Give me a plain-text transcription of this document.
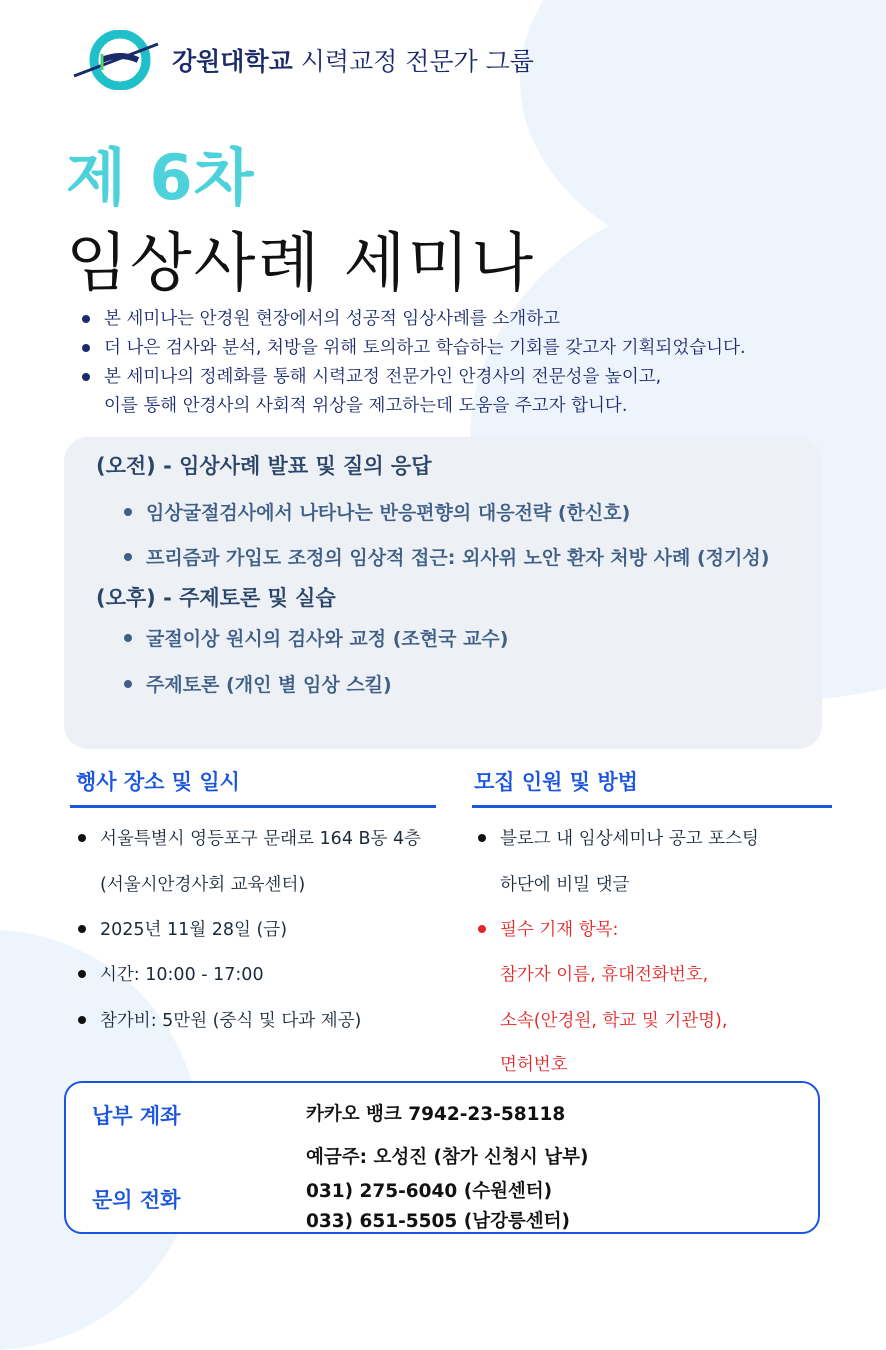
강원대학교 시력교정 전문가 그룹
제 6차
임상사례 세미나
본 세미나는 안경원 현장에서의 성공적 임상사례를 소개하고
더 나은 검사와 분석, 처방을 위해 토의하고 학습하는 기회를 갖고자 기획되었습니다.
본 세미나의 정례화를 통해 시력교정 전문가인 안경사의 전문성을 높이고,
이를 통해 안경사의 사회적 위상을 제고하는데 도움을 주고자 합니다.
(오전) - 임상사례 발표 및 질의 응답
임상굴절검사에서 나타나는 반응편향의 대응전략 (한신호)
프리즘과 가입도 조정의 임상적 접근: 외사위 노안 환자 처방 사례 (정기성)
(오후) - 주제토론 및 실습
굴절이상 원시의 검사와 교정 (조현국 교수)
주제토론 (개인 별 임상 스킬)
행사 장소 및 일시
서울특별시 영등포구 문래로 164 B동 4층
(서울시안경사회 교육센터)
2025년 11월 28일 (금)
시간: 10:00 - 17:00
참가비: 5만원 (중식 및 다과 제공)
모집 인원 및 방법
블로그 내 임상세미나 공고 포스팅
하단에 비밀 댓글
필수 기재 항목:
참가자 이름, 휴대전화번호,
소속(안경원, 학교 및 기관명),
면허번호
납부 계좌	카카오 뱅크 7942-23-58118
예금주: 오성진 (참가 신청시 납부)
문의 전화	031) 275-6040 (수원센터)
033) 651-5505 (남강릉센터)
